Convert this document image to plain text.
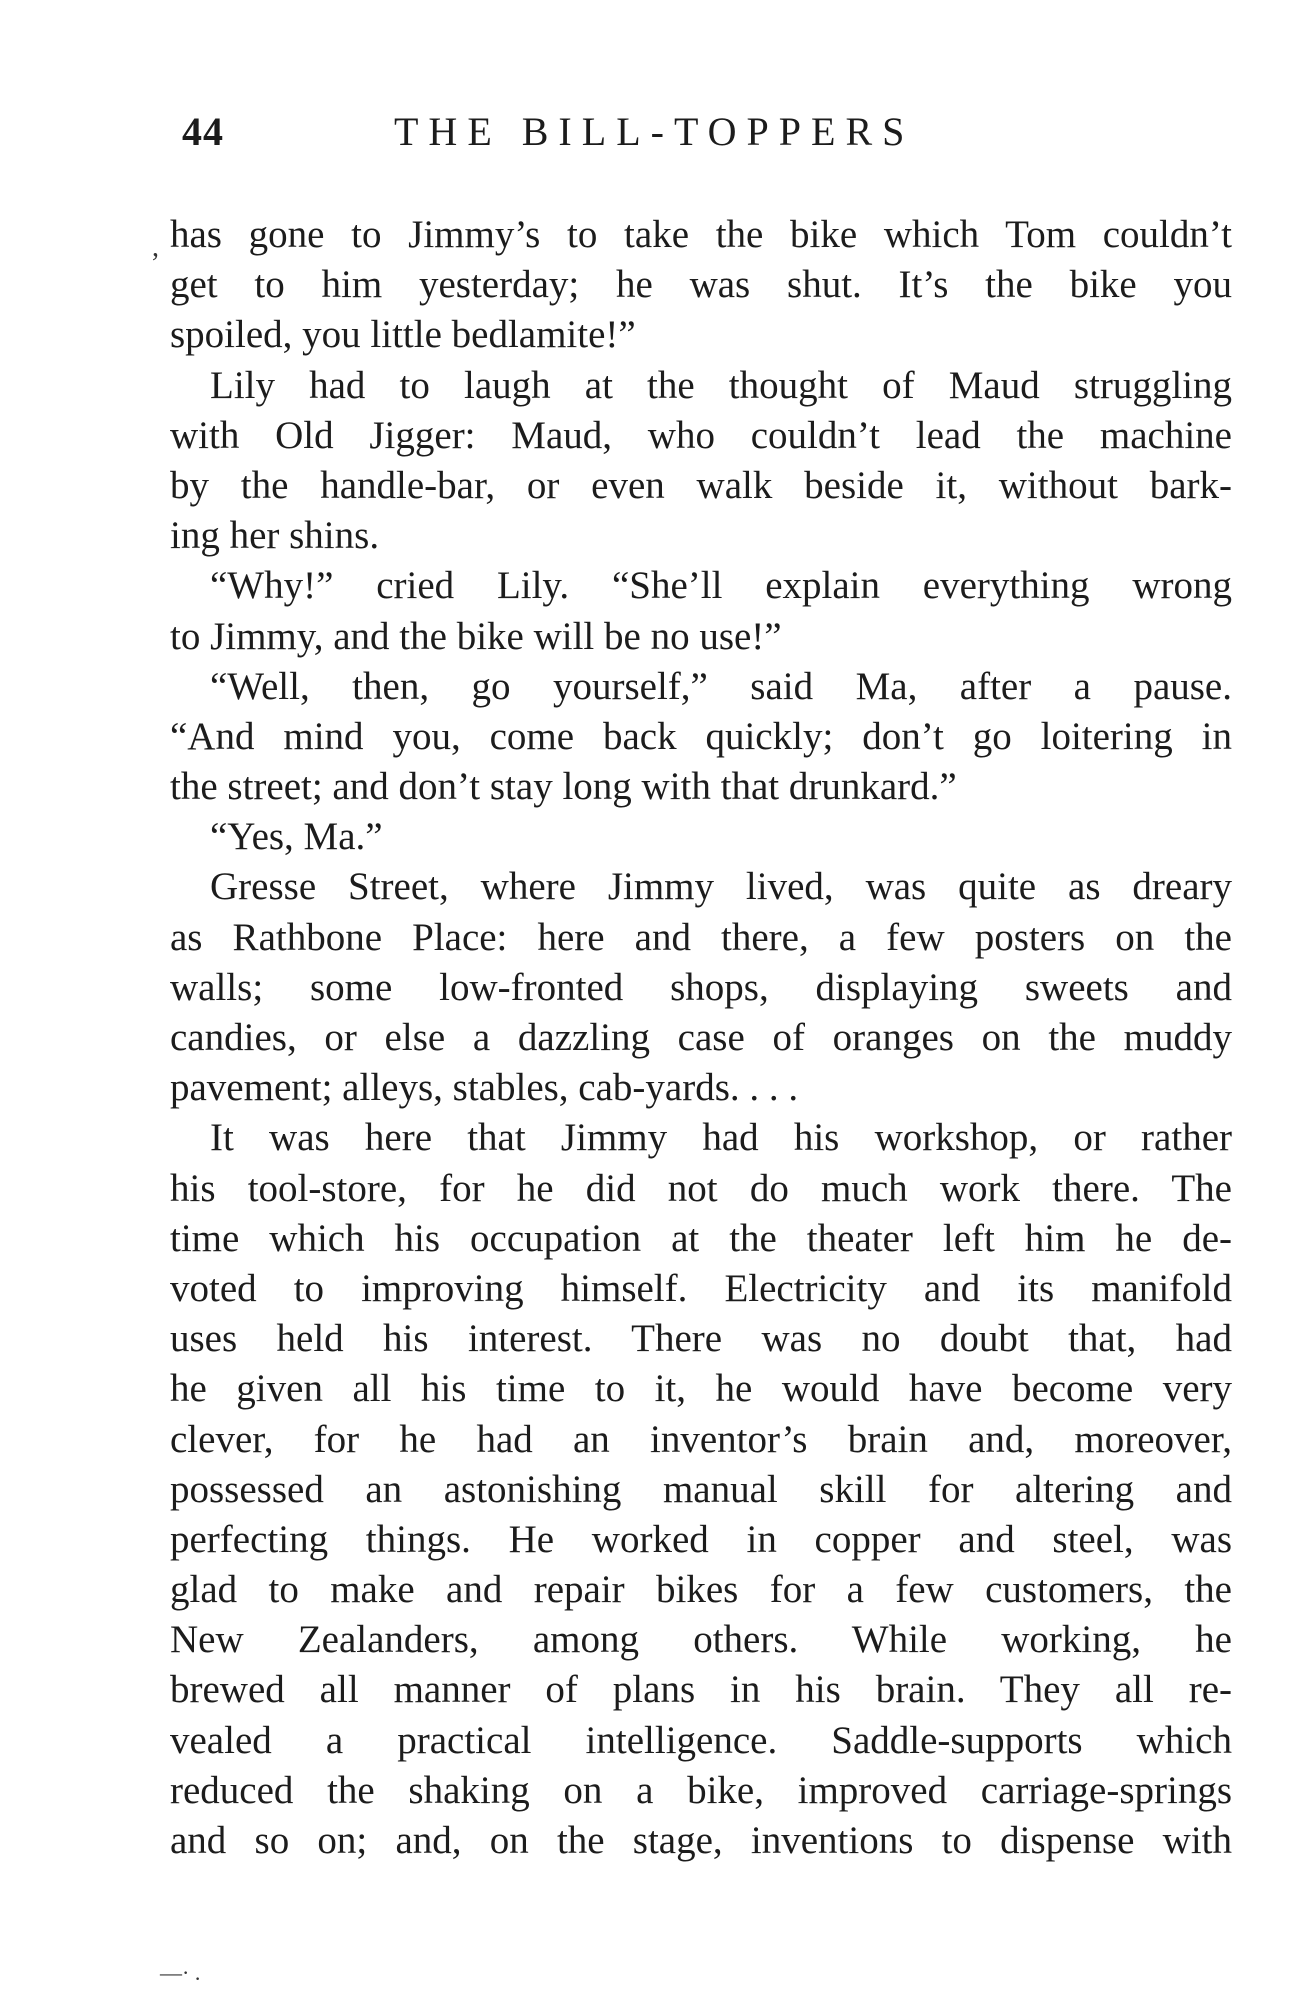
44	THE BILL-TOPPERS
has gone to Jimmy’s to take the bike which Tom couldn’t
get to him yesterday; he was shut. It’s the bike you
spoiled, you little bedlamite!”
Lily had to laugh at the thought of Maud struggling
with Old Jigger: Maud, who couldn’t lead the machine
by the handle-bar, or even walk beside it, without bark-
ing her shins.
“Why!” cried Lily. “She’ll explain everything wrong
to Jimmy, and the bike will be no use!”
“Well, then, go yourself,” said Ma, after a pause.
“And mind you, come back quickly; don’t go loitering in
the street; and don’t stay long with that drunkard.”
“Yes, Ma.”
Gresse Street, where Jimmy lived, was quite as dreary
as Rathbone Place: here and there, a few posters on the
walls; some low-fronted shops, displaying sweets and
candies, or else a dazzling case of oranges on the muddy
pavement; alleys, stables, cab-yards. . . .
It was here that Jimmy had his workshop, or rather
his tool-store, for he did not do much work there. The
time which his occupation at the theater left him he de-
voted to improving himself. Electricity and its manifold
uses held his interest. There was no doubt that, had
he given all his time to it, he would have become very
clever, for he had an inventor’s brain and, moreover,
possessed an astonishing manual skill for altering and
perfecting things. He worked in copper and steel, was
glad to make and repair bikes for a few customers, the
New Zealanders, among others. While working, he
brewed all manner of plans in his brain. They all re-
vealed a practical intelligence. Saddle-supports which
reduced the shaking on a bike, improved carriage-springs
and so on; and, on the stage, inventions to dispense with
,
—· .
